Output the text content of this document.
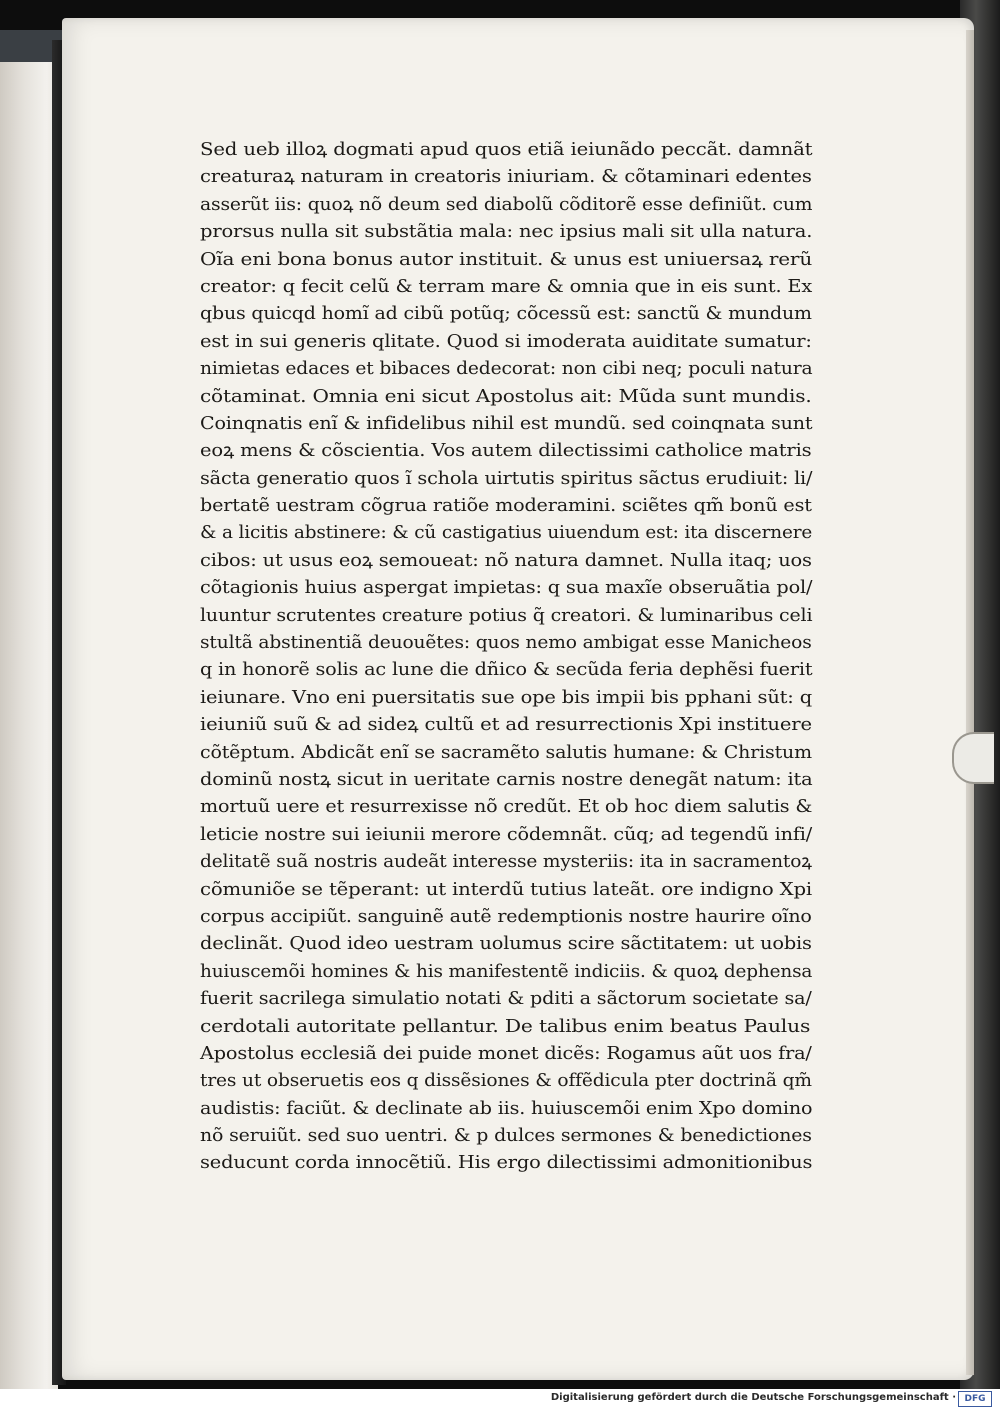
Sed ueb illoꝝ dogmati apud quos etiã ieiunãdo peccãt. damnãt
creaturaꝝ naturam in creatoris iniuriam. & cõtaminari edentes
asserũt iis: quoꝝ nõ deum sed diabolũ cõditorẽ esse definiũt. cum
prorsus nulla sit substãtia mala: nec ipsius mali sit ulla natura.
Oĩa eni bona bonus autor instituit. & unus est uniuersaꝝ rerũ
creator: q fecit celũ & terram mare & omnia que in eis sunt. Ex
qbus quicqd homĩ ad cibũ potũq; cõcessũ est: sanctũ & mundum
est in sui generis qlitate. Quod si imoderata auiditate sumatur:
nimietas edaces et bibaces dedecorat: non cibi neq; poculi natura
cõtaminat. Omnia eni sicut Apostolus ait: Mũda sunt mundis.
Coinqnatis enĩ & infidelibus nihil est mundũ. sed coinqnata sunt
eoꝝ mens & cõscientia. Vos autem dilectissimi catholice matris
sãcta generatio quos ĩ schola uirtutis spiritus sãctus erudiuit: li/
bertatẽ uestram cõgrua ratiõe moderamini. sciẽtes qm̃ bonũ est
& a licitis abstinere: & cũ castigatius uiuendum est: ita discernere
cibos: ut usus eoꝝ semoueat: nõ natura damnet. Nulla itaq; uos
cõtagionis huius aspergat impietas: q sua maxĩe obseruãtia pol/
luuntur scrutentes creature potius q̃ creatori. & luminaribus celi
stultã abstinentiã deuouẽtes: quos nemo ambigat esse Manicheos
q in honorẽ solis ac lune die dñico & secũda feria dephẽsi fuerit
ieiunare. Vno eni puersitatis sue ope bis impii bis pphani sũt: q
ieiuniũ suũ & ad sideꝝ cultũ et ad resurrectionis Xpi instituere
cõtẽptum. Abdicãt enĩ se sacramẽto salutis humane: & Christum
dominũ nostꝝ sicut in ueritate carnis nostre denegãt natum: ita
mortuũ uere et resurrexisse nõ credũt. Et ob hoc diem salutis &
leticie nostre sui ieiunii merore cõdemnãt. cũq; ad tegendũ infi/
delitatẽ suã nostris audeãt interesse mysteriis: ita in sacramentoꝝ
cõmuniõe se tẽperant: ut interdũ tutius lateãt. ore indigno Xpi
corpus accipiũt. sanguinẽ autẽ redemptionis nostre haurire oĩno
declinãt. Quod ideo uestram uolumus scire sãctitatem: ut uobis
huiuscemõi homines & his manifestentẽ indiciis. & quoꝝ dephensa
fuerit sacrilega simulatio notati & pditi a sãctorum societate sa/
cerdotali autoritate pellantur. De talibus enim beatus Paulus
Apostolus ecclesiã dei puide monet dicẽs: Rogamus aũt uos fra/
tres ut obseruetis eos q dissẽsiones & offẽdicula pter doctrinã qm̃
audistis: faciũt. & declinate ab iis. huiuscemõi enim Xpo domino
nõ seruiũt. sed suo uentri. & p dulces sermones & benedictiones
seducunt corda innocẽtiũ. His ergo dilectissimi admonitionibus
Digitalisierung gefördert durch die Deutsche Forschungsgemeinschaft · DFG
